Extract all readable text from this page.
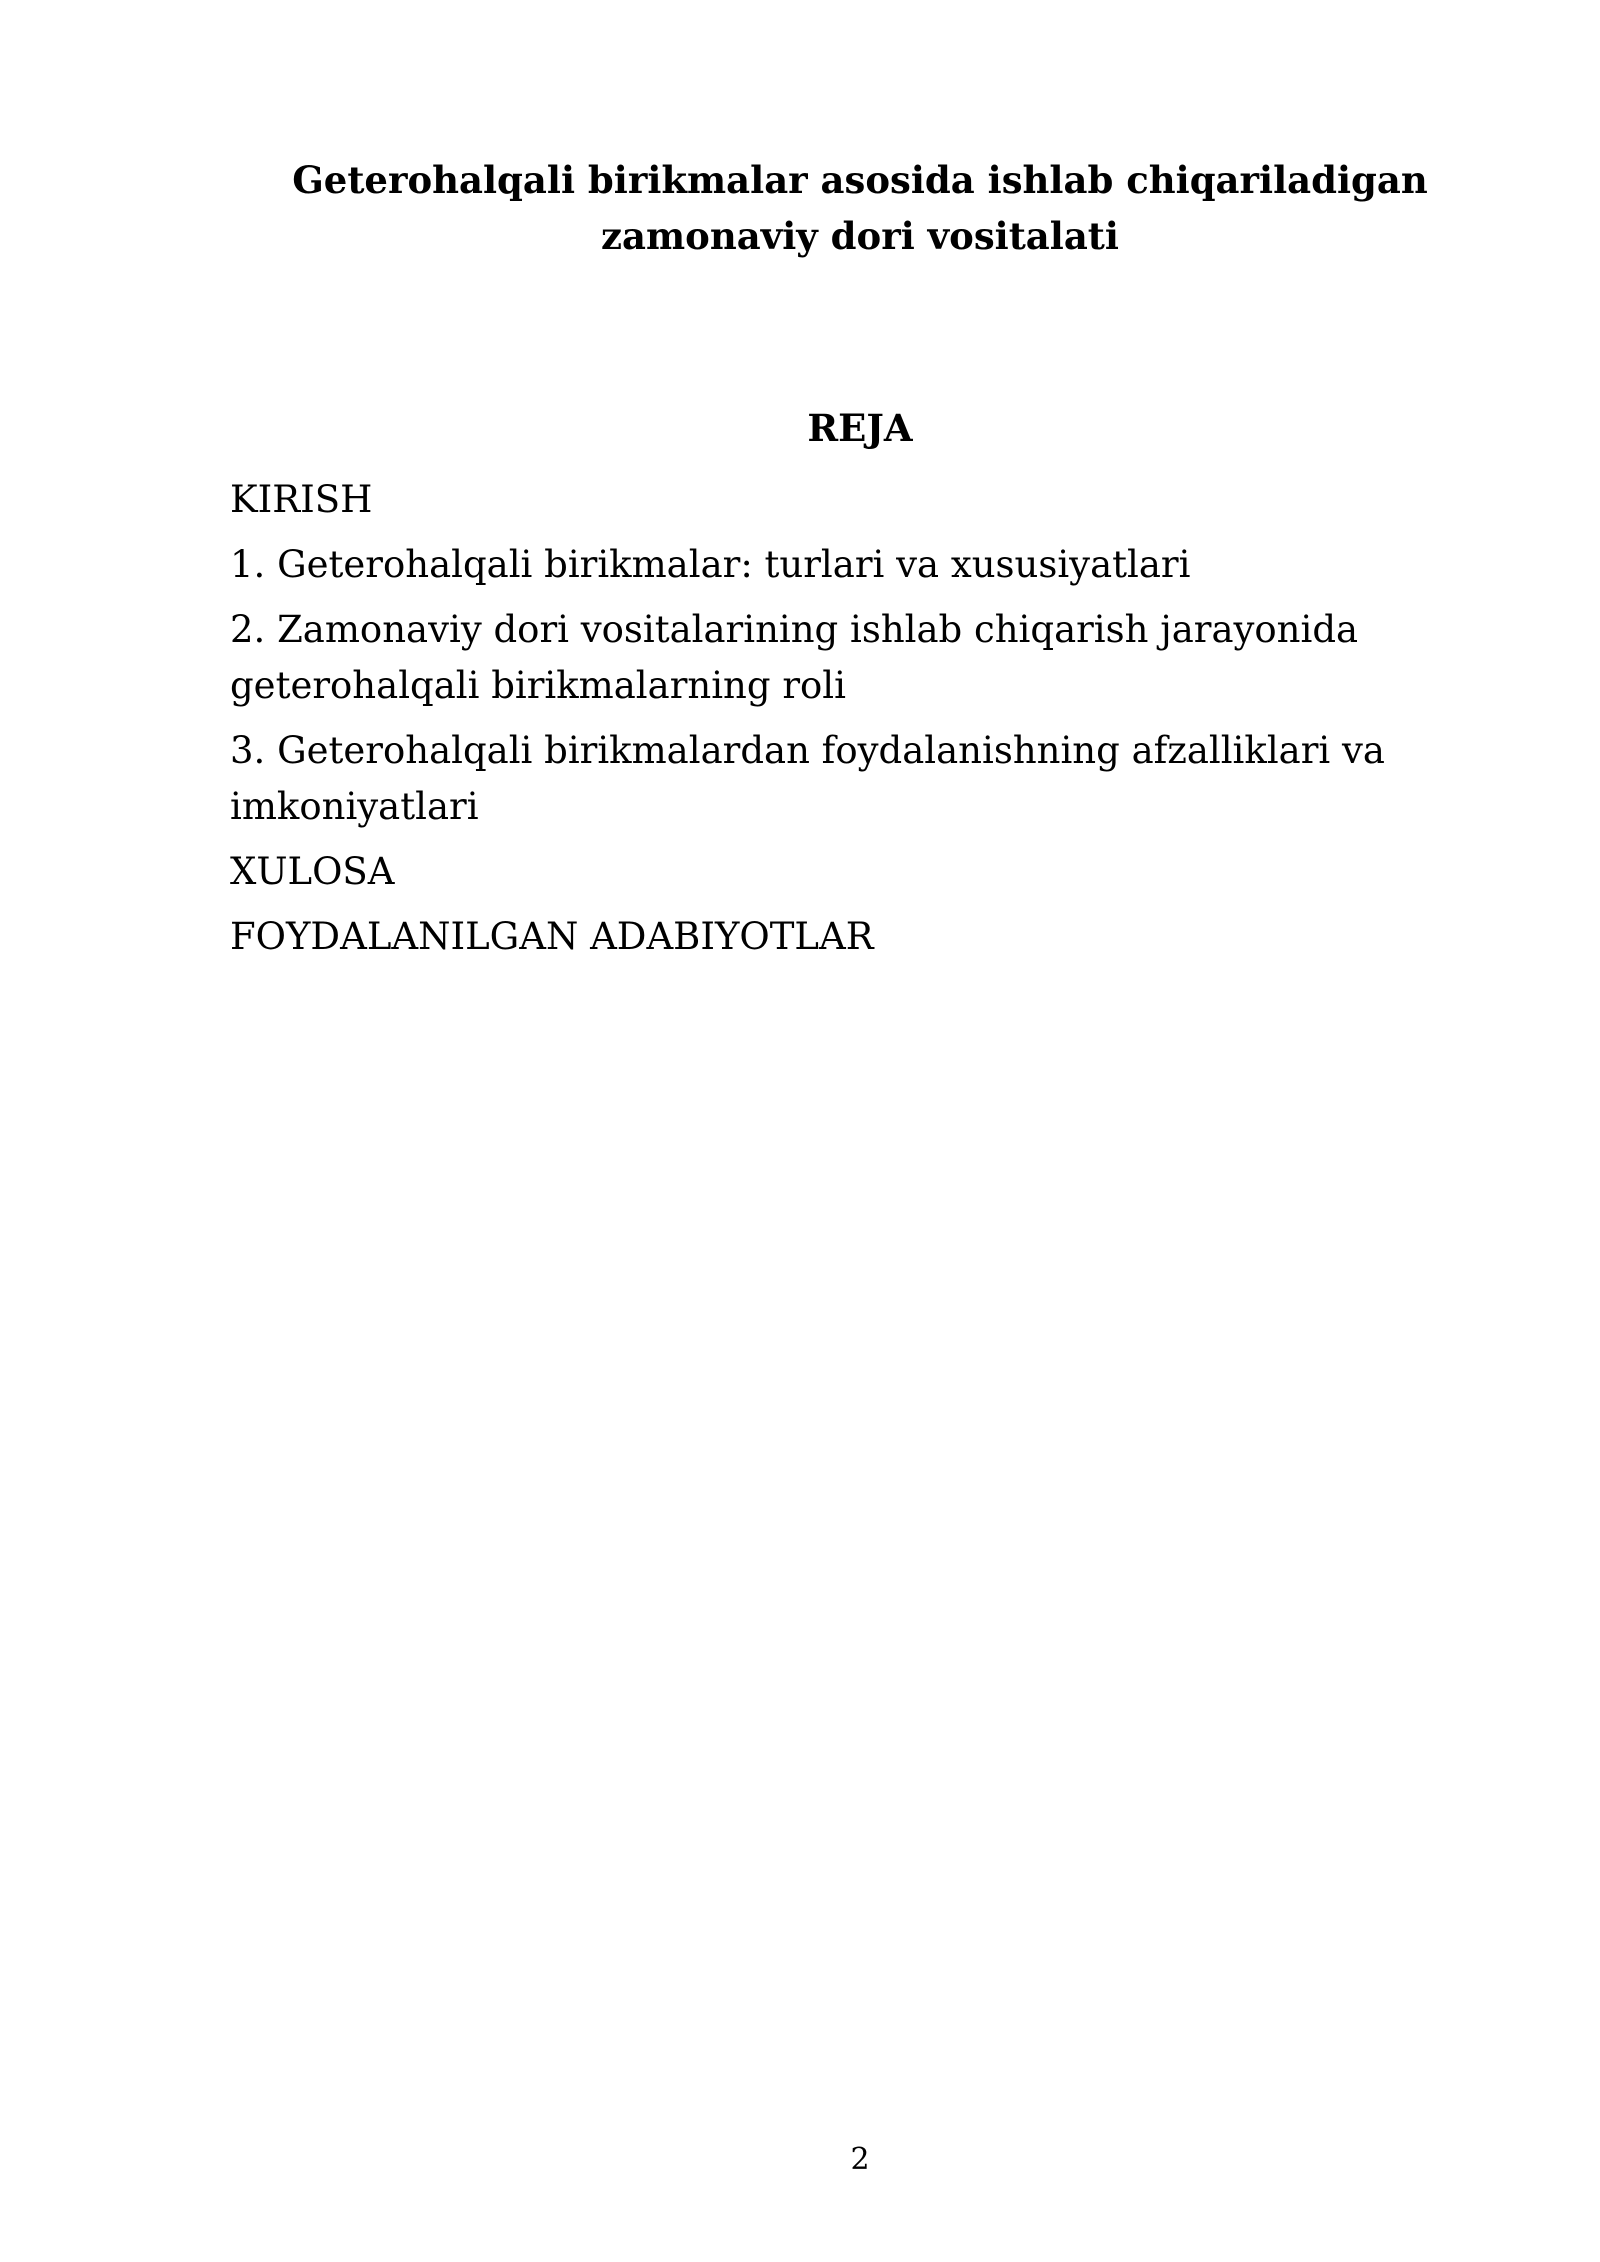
Geterohalqali birikmalar asosida ishlab chiqariladigan zamonaviy dori vositalati
REJA
KIRISH
1. Geterohalqali birikmalar: turlari va xususiyatlari
2. Zamonaviy dori vositalarining ishlab chiqarish jarayonida geterohalqali birikmalarning roli
3. Geterohalqali birikmalardan foydalanishning afzalliklari va imkoniyatlari
XULOSA
FOYDALANILGAN ADABIYOTLAR
2
